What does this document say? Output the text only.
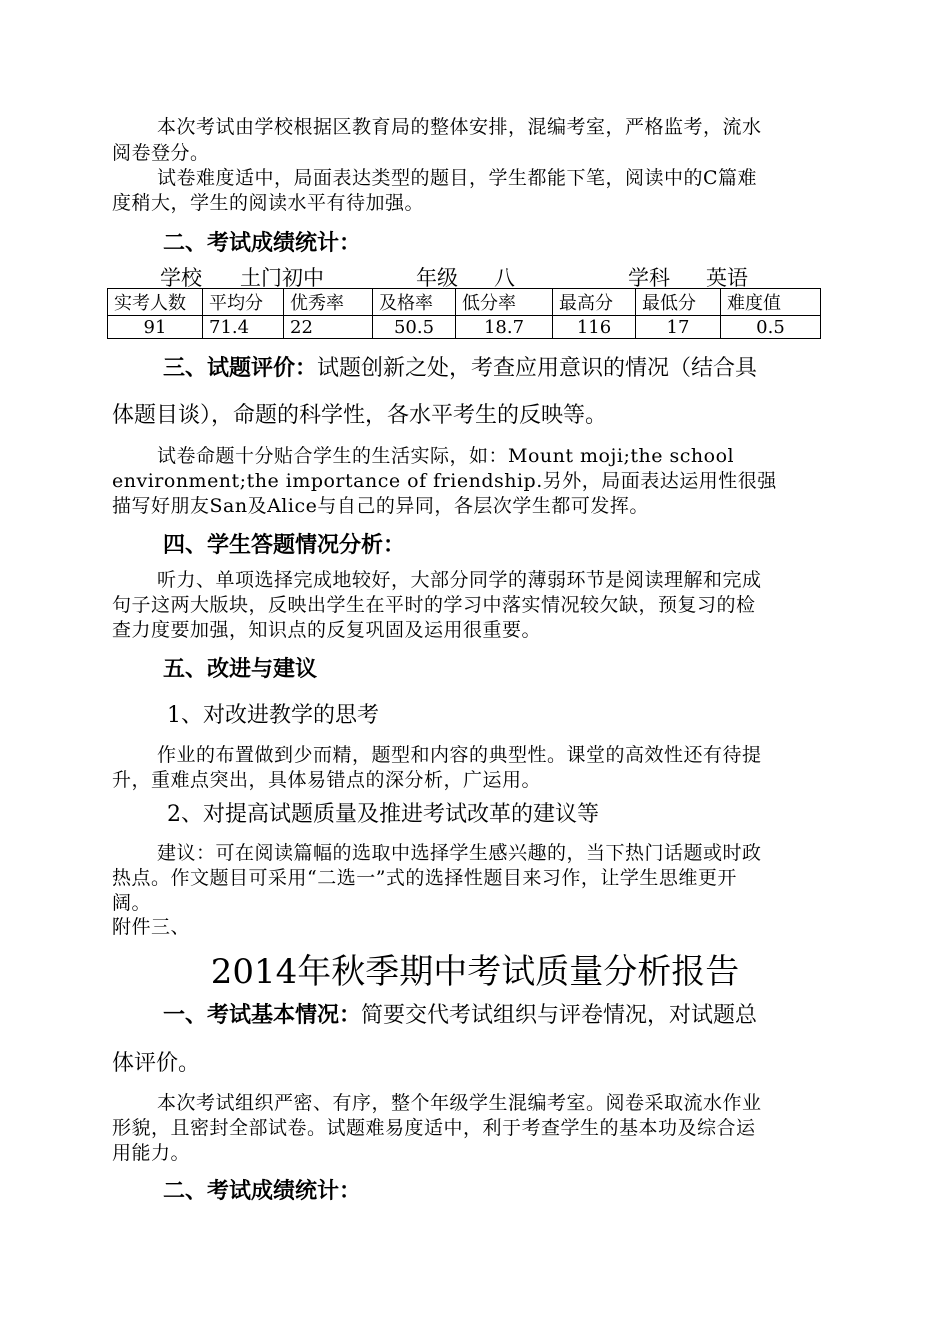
本次考试由学校根据区教育局的整体安排，混编考室，严格监考，流水
阅卷登分。
试卷难度适中，局面表达类型的题目，学生都能下笔，阅读中的C篇难
度稍大，学生的阅读水平有待加强。
二、考试成绩统计：
学校 土门初中	年级 八	学科 英语
实考人数	平均分	优秀率	及格率	低分率	最高分	最低分	难度值
91	71.4	22	50.5	18.7	116	17	0.5
三、试题评价：试题创新之处，考查应用意识的情况（结合具
体题目谈），命题的科学性，各水平考生的反映等。
试卷命题十分贴合学生的生活实际，如：Mount moji;the school
environment;the importance of friendship.另外，局面表达运用性很强
描写好朋友San及Alice与自己的异同，各层次学生都可发挥。
四、学生答题情况分析：
听力、单项选择完成地较好，大部分同学的薄弱环节是阅读理解和完成
句子这两大版块，反映出学生在平时的学习中落实情况较欠缺，预复习的检
查力度要加强，知识点的反复巩固及运用很重要。
五、改进与建议
1、对改进教学的思考
作业的布置做到少而精，题型和内容的典型性。课堂的高效性还有待提
升，重难点突出，具体易错点的深分析，广运用。
2、对提高试题质量及推进考试改革的建议等
建议：可在阅读篇幅的选取中选择学生感兴趣的，当下热门话题或时政
热点。作文题目可采用“二选一”式的选择性题目来习作，让学生思维更开
阔。
附件三、
2014年秋季期中考试质量分析报告
一、考试基本情况：简要交代考试组织与评卷情况，对试题总
体评价。
本次考试组织严密、有序，整个年级学生混编考室。阅卷采取流水作业
形貌，且密封全部试卷。试题难易度适中，利于考查学生的基本功及综合运
用能力。
二、考试成绩统计：
